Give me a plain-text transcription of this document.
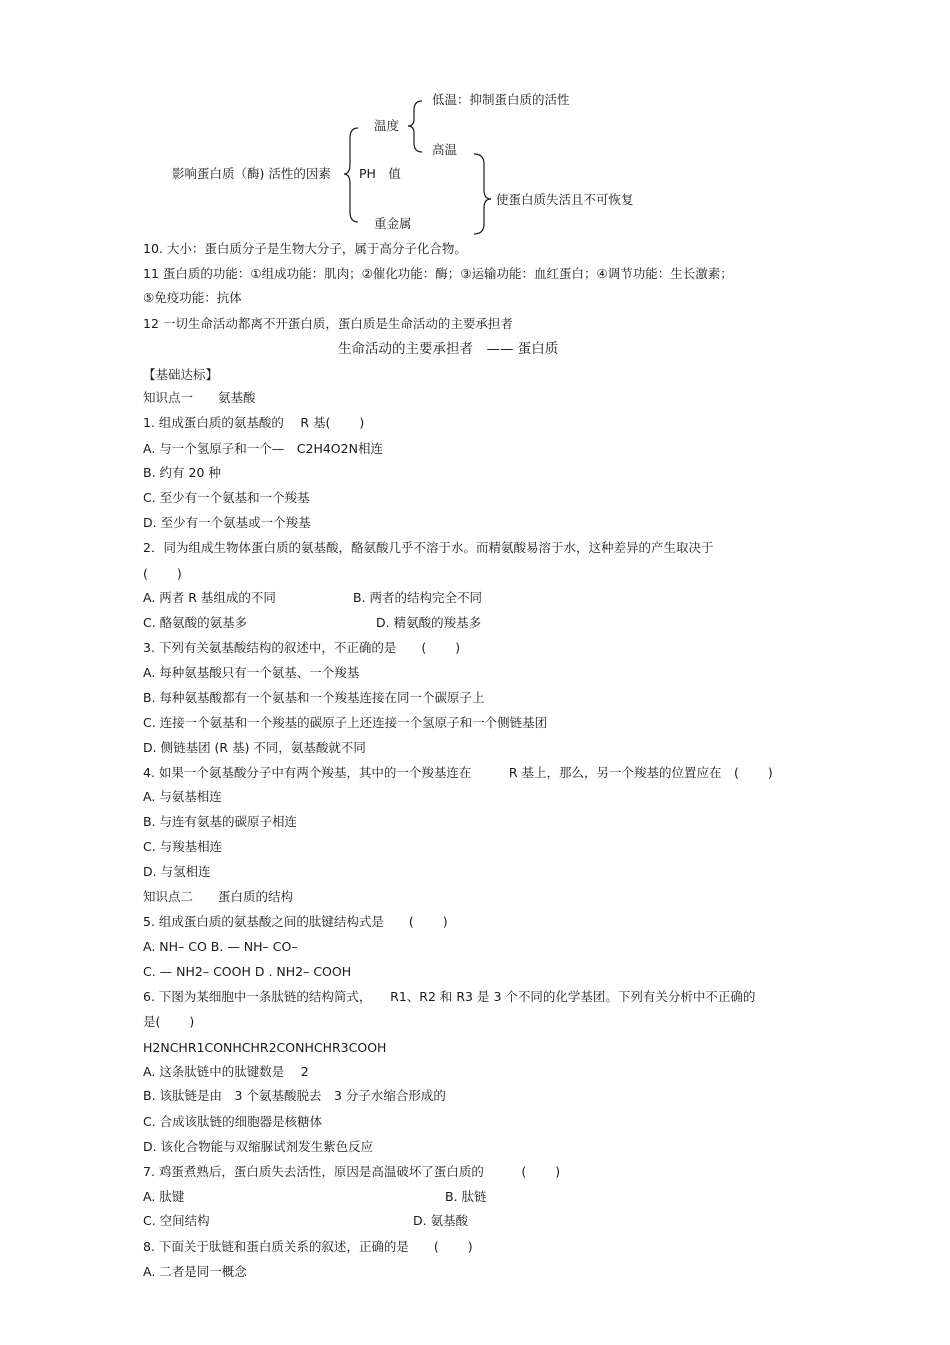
低温：抑制蛋白质的活性
温度
高温
影响蛋白质（酶) 活性的因素 PH　值
使蛋白质失活且不可恢复
重金属
10. 大小：蛋白质分子是生物大分子，属于高分子化合物。
11 蛋白质的功能：①组成功能：肌肉；②催化功能：酶；③运输功能：血红蛋白；④调节功能：生长激素；
⑤免疫功能：抗体
12 一切生命活动都离不开蛋白质，蛋白质是生命活动的主要承担者
生命活动的主要承担者　—— 蛋白质
【基础达标】
知识点一　　氨基酸
1. 组成蛋白质的氨基酸的　 R 基(　　 )
A. 与一个氢原子和一个—　C2H4O2N相连
B. 约有 20 种
C. 至少有一个氨基和一个羧基
D. 至少有一个氨基或一个羧基
2．同为组成生物体蛋白质的氨基酸，酪氨酸几乎不溶于水。而精氨酸易溶于水，这种差异的产生取决于
(　　 )
A. 两者 R 基组成的不同	B. 两者的结构完全不同
C. 酪氨酸的氨基多	D. 精氨酸的羧基多
3. 下列有关氨基酸结构的叙述中，不正确的是　　(　　 )
A. 每种氨基酸只有一个氨基、一个羧基
B. 每种氨基酸都有一个氨基和一个羧基连接在同一个碳原子上
C. 连接一个氨基和一个羧基的碳原子上还连接一个氢原子和一个侧链基团
D. 侧链基团 (R 基) 不同，氨基酸就不同
4. 如果一个氨基酸分子中有两个羧基，其中的一个羧基连在　　　R 基上，那么，另一个羧基的位置应在　(　　 )
A. 与氨基相连
B. 与连有氨基的碳原子相连
C. 与羧基相连
D. 与氢相连
知识点二　　蛋白质的结构
5. 组成蛋白质的氨基酸之间的肽键结构式是　　(　　 )
A. NH– CO B. — NH– CO–
C. — NH2– COOH D . NH2– COOH
6. 下图为某细胞中一条肽链的结构简式，　　R1、R2 和 R3 是 3 个不同的化学基团。下列有关分析中不正确的
是(　　 )
H2NCHR1CONHCHR2CONHCHR3COOH
A. 这条肽链中的肽键数是　 2
B. 该肽链是由　3 个氨基酸脱去　3 分子水缩合形成的
C. 合成该肽链的细胞器是核糖体
D. 该化合物能与双缩脲试剂发生紫色反应
7. 鸡蛋煮熟后，蛋白质失去活性，原因是高温破坏了蛋白质的　　　(　　 )
A. 肽键	B. 肽链
C. 空间结构	D. 氨基酸
8. 下面关于肽链和蛋白质关系的叙述，正确的是　　(　　 )
A. 二者是同一概念
